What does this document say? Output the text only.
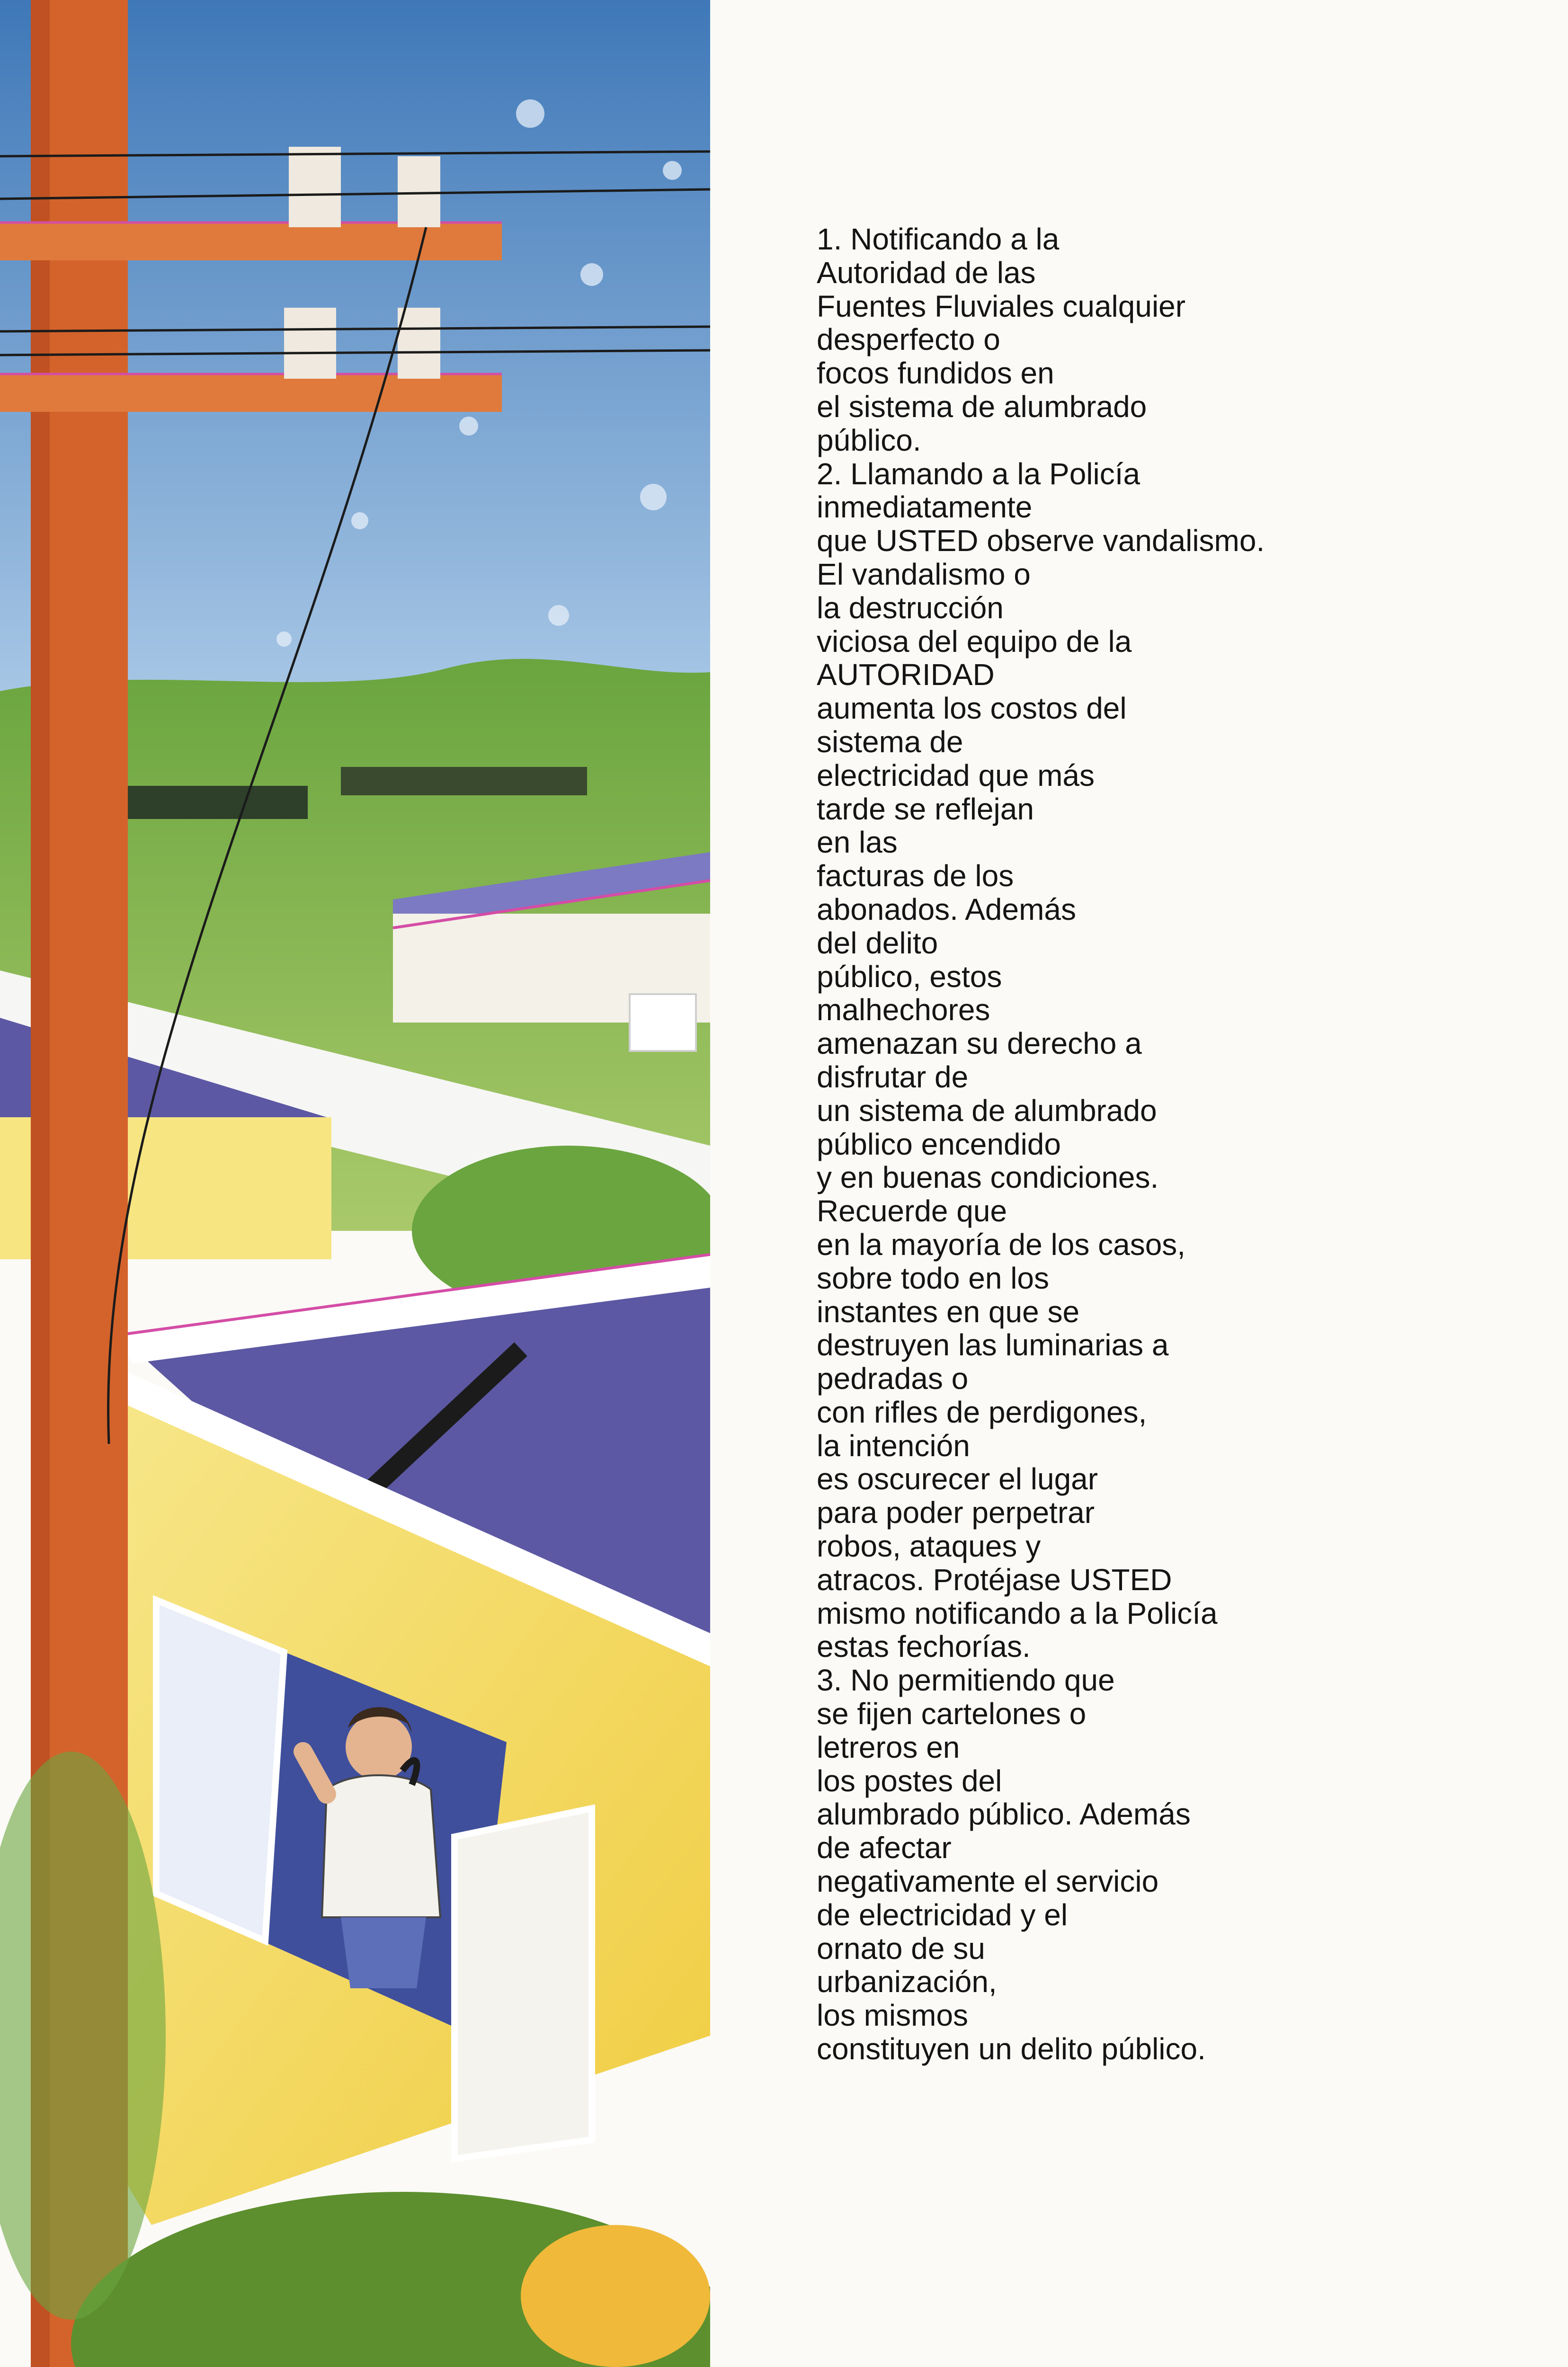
1. Notificando a la

Autoridad de las

Fuentes Fluviales cualquier

desperfecto o

focos fundidos en

el sistema de alumbrado

público.

2. Llamando a la Policía

inmediatamente

que USTED observe vandalismo.

El vandalismo o

la destrucción

viciosa del equipo de la

AUTORIDAD

aumenta los costos del

sistema de

electricidad que más

tarde se reflejan

en las

facturas de los

abonados. Además

del delito

público, estos

malhechores

amenazan su derecho a

disfrutar de

un sistema de alumbrado

público encendido

y en buenas condiciones.

Recuerde que

en la mayoría de los casos,

sobre todo en los

instantes en que se

destruyen las luminarias a

pedradas o

con rifles de perdigones,

la intención

es oscurecer el lugar

para poder perpetrar

robos, ataques y

atracos. Protéjase USTED

mismo notificando a la Policía

estas fechorías.

3. No permitiendo que

se fijen cartelones o

letreros en

los postes del

alumbrado público. Además

de afectar

negativamente el servicio

de electricidad y el

ornato de su

urbanización,

los mismos

constituyen un delito público.
